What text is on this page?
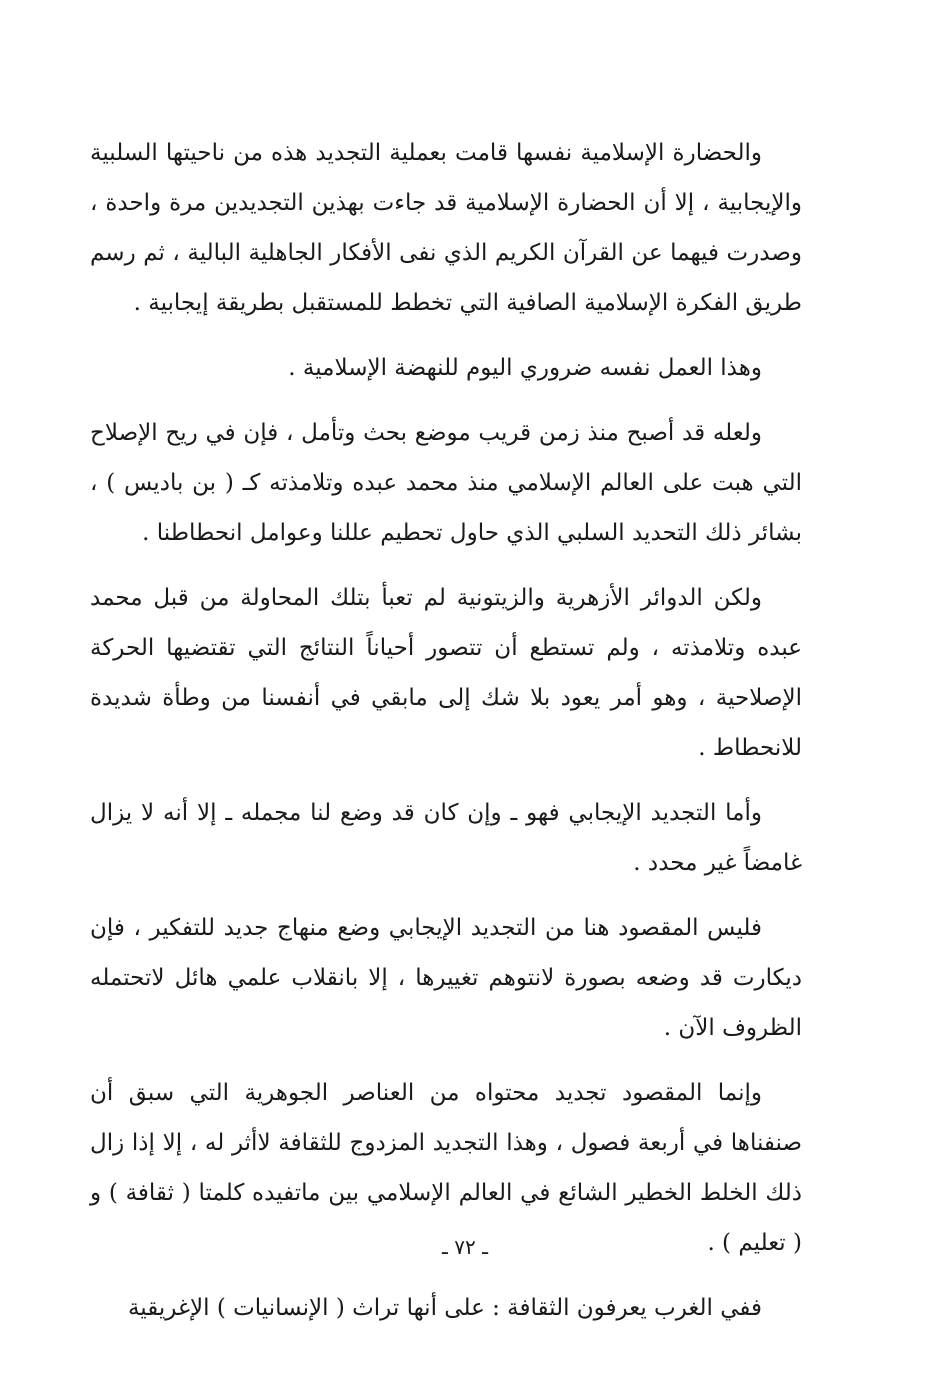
والحضارة الإسلامية نفسها قامت بعملية التجديد هذه من ناحيتها السلبية والإيجابية ، إلا أن الحضارة الإسلامية قد جاءت بهذين التجديدين مرة واحدة ، وصدرت فيهما عن القرآن الكريم الذي نفى الأفكار الجاهلية البالية ، ثم رسم طريق الفكرة الإسلامية الصافية التي تخطط للمستقبل بطريقة إيجابية .

وهذا العمل نفسه ضروري اليوم للنهضة الإسلامية .

ولعله قد أصبح منذ زمن قريب موضع بحث وتأمل ، فإن في ريح الإصلاح التي هبت على العالم الإسلامي منذ محمد عبده وتلامذته كـ ( بن باديس ) ، بشائر ذلك التحديد السلبي الذي حاول تحطيم عللنا وعوامل انحطاطنا .

ولكن الدوائر الأزهرية والزيتونية لم تعبأ بتلك المحاولة من قبل محمد عبده وتلامذته ، ولم تستطع أن تتصور أحياناً النتائج التي تقتضيها الحركة الإصلاحية ، وهو أمر يعود بلا شك إلى مابقي في أنفسنا من وطأة شديدة للانحطاط .

وأما التجديد الإيجابي فهو ـ وإن كان قد وضع لنا مجمله ـ إلا أنه لا يزال غامضاً غير محدد .

فليس المقصود هنا من التجديد الإيجابي وضع منهاج جديد للتفكير ، فإن ديكارت قد وضعه بصورة لانتوهم تغييرها ، إلا بانقلاب علمي هائل لاتحتمله الظروف الآن .

وإنما المقصود تجديد محتواه من العناصر الجوهرية التي سبق أن صنفناها في أربعة فصول ، وهذا التجديد المزدوج للثقافة لاأثر له ، إلا إذا زال ذلك الخلط الخطير الشائع في العالم الإسلامي بين ماتفيده كلمتا ( ثقافة ) و ( تعليم ) .

ففي الغرب يعرفون الثقافة : على أنها تراث ( الإنسانيات ) الإغريقية

ـ ٧٢ ـ
